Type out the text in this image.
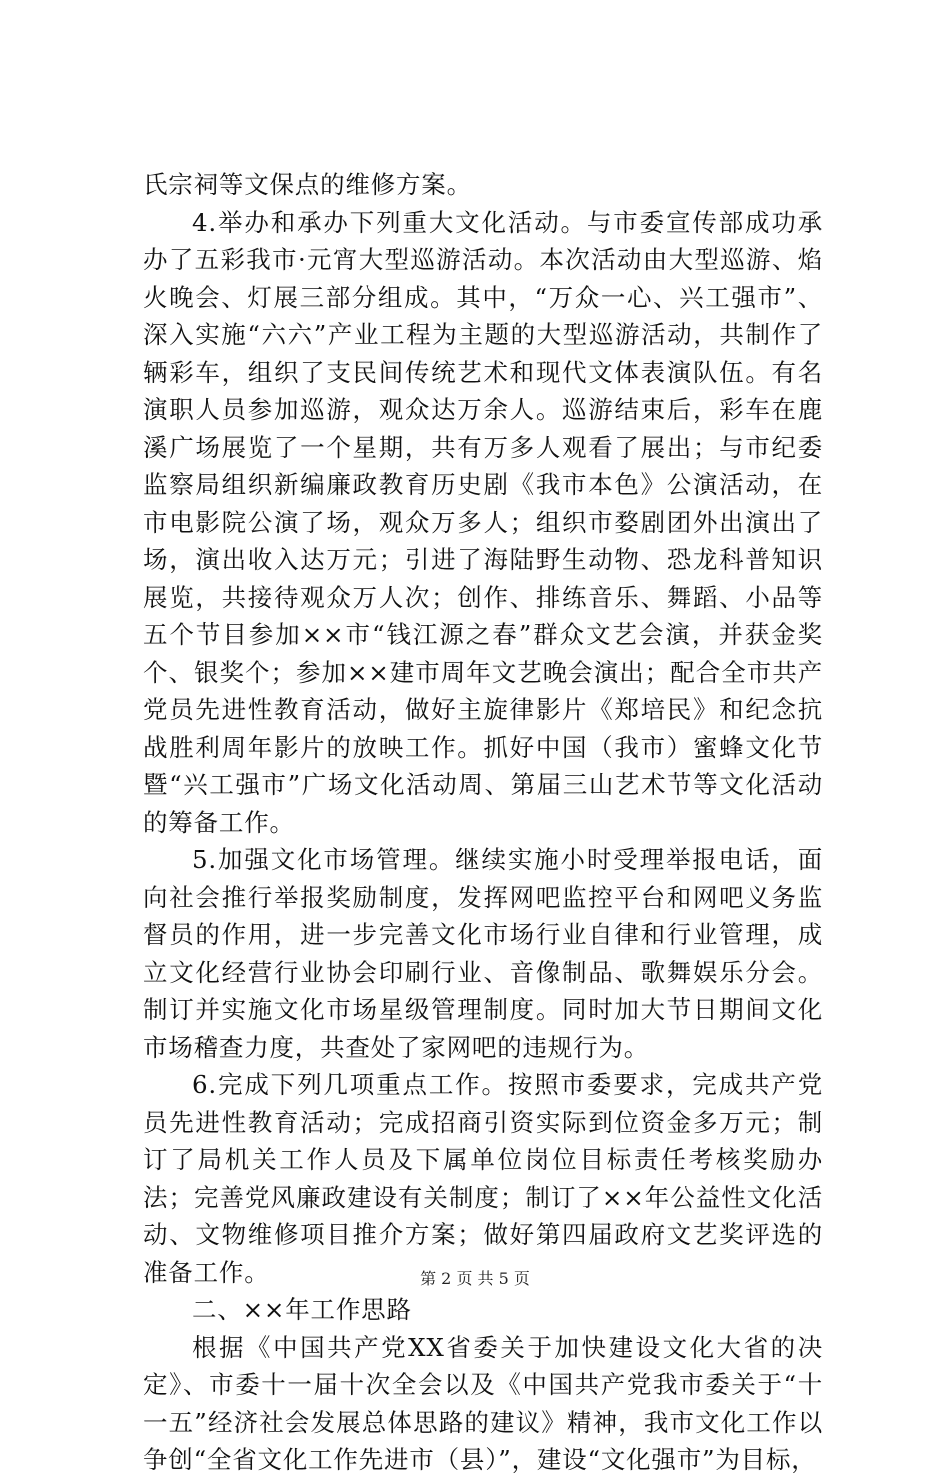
氏宗祠等文保点的维修方案。

4.举办和承办下列重大文化活动。与市委宣传部成功承办了五彩我市·元宵大型巡游活动。本次活动由大型巡游、焰火晚会、灯展三部分组成。其中，“万众一心、兴工强市”、深入实施“六六”产业工程为主题的大型巡游活动，共制作了辆彩车，组织了支民间传统艺术和现代文体表演队伍。有名演职人员参加巡游，观众达万余人。巡游结束后，彩车在鹿溪广场展览了一个星期，共有万多人观看了展出；与市纪委监察局组织新编廉政教育历史剧《我市本色》公演活动，在市电影院公演了场，观众万多人；组织市婺剧团外出演出了场，演出收入达万元；引进了海陆野生动物、恐龙科普知识展览，共接待观众万人次；创作、排练音乐、舞蹈、小品等五个节目参加××市“钱江源之春”群众文艺会演，并获金奖个、银奖个；参加××建市周年文艺晚会演出；配合全市共产党员先进性教育活动，做好主旋律影片《郑培民》和纪念抗战胜利周年影片的放映工作。抓好中国（我市）蜜蜂文化节暨“兴工强市”广场文化活动周、第届三山艺术节等文化活动的筹备工作。

5.加强文化市场管理。继续实施小时受理举报电话，面向社会推行举报奖励制度，发挥网吧监控平台和网吧义务监督员的作用，进一步完善文化市场行业自律和行业管理，成立文化经营行业协会印刷行业、音像制品、歌舞娱乐分会。制订并实施文化市场星级管理制度。同时加大节日期间文化市场稽查力度，共查处了家网吧的违规行为。

6.完成下列几项重点工作。按照市委要求，完成共产党员先进性教育活动；完成招商引资实际到位资金多万元；制订了局机关工作人员及下属单位岗位目标责任考核奖励办法；完善党风廉政建设有关制度；制订了××年公益性文化活动、文物维修项目推介方案；做好第四届政府文艺奖评选的准备工作。

二、××年工作思路

根据《中国共产党XX省委关于加快建设文化大省的决定》、市委十一届十次全会以及《中国共产党我市委关于“十一五”经济社会发展总体思路的建议》精神，我市文化工作以争创“全省文化工作先进市（县）”，建设“文化强市”为目标，

第 2 页 共 5 页
